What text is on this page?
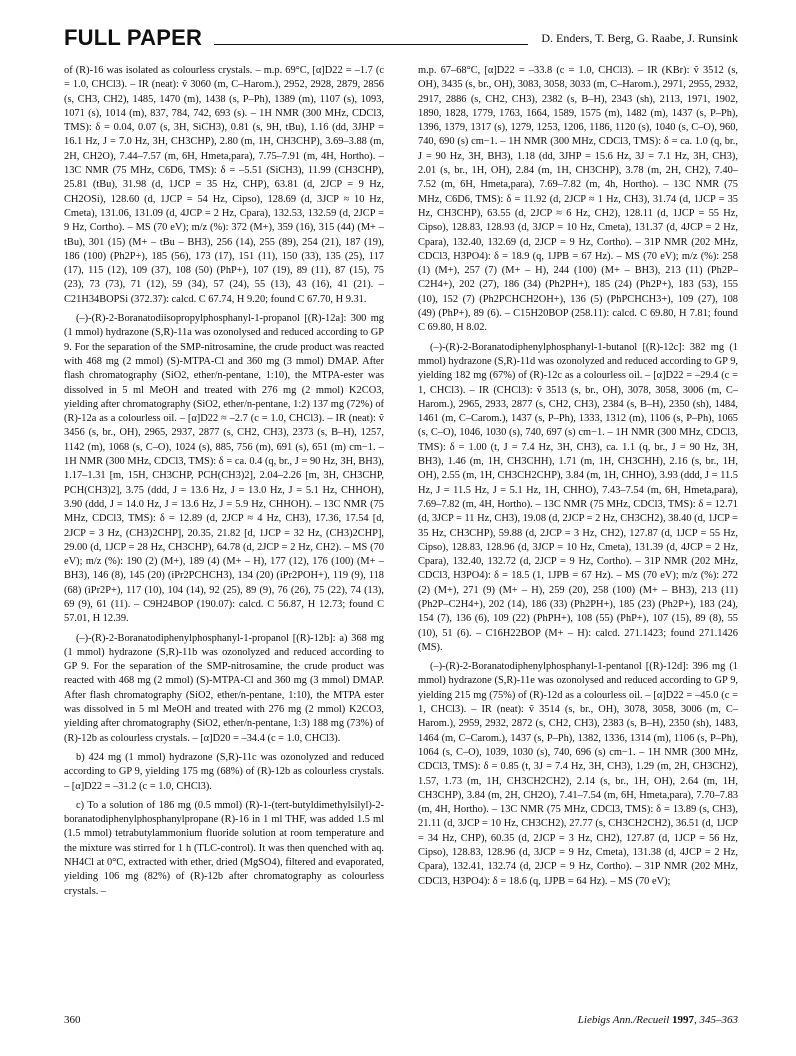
FULL PAPER	D. Enders, T. Berg, G. Raabe, J. Runsink

of (R)-16 was isolated as colourless crystals. – m.p. 69°C, [α]D22 = –1.7 (c = 1.0, CHCl3). – IR (neat): ṽ 3060 (m, C–Harom.), 2952, 2928, 2879, 2856 (s, CH3, CH2), 1485, 1470 (m), 1438 (s, P–Ph), 1389 (m), 1107 (s), 1093, 1071 (s), 1014 (m), 837, 784, 742, 693 (s). – 1H NMR (300 MHz, CDCl3, TMS): δ = 0.04, 0.07 (s, 3H, SiCH3), 0.81 (s, 9H, tBu), 1.16 (dd, 3JHP = 16.1 Hz, J = 7.0 Hz, 3H, CH3CHP), 2.80 (m, 1H, CH3CHP), 3.69–3.88 (m, 2H, CH2O), 7.44–7.57 (m, 6H, Hmeta,para), 7.75–7.91 (m, 4H, Hortho). – 13C NMR (75 MHz, C6D6, TMS): δ = –5.51 (SiCH3), 11.99 (CH3CHP), 25.81 (tBu), 31.98 (d, 1JCP = 35 Hz, CHP), 63.81 (d, 2JCP = 9 Hz, CH2OSi), 128.60 (d, 1JCP = 54 Hz, Cipso), 128.69 (d, 3JCP ≈ 10 Hz, Cmeta), 131.06, 131.09 (d, 4JCP = 2 Hz, Cpara), 132.53, 132.59 (d, 2JCP = 9 Hz, Cortho). – MS (70 eV); m/z (%): 372 (M+), 359 (16), 315 (44) (M+ – tBu), 301 (15) (M+ – tBu – BH3), 256 (14), 255 (89), 254 (21), 187 (19), 186 (100) (Ph2P+), 185 (56), 173 (17), 151 (11), 150 (33), 135 (25), 117 (17), 115 (12), 109 (37), 108 (50) (PhP+), 107 (19), 89 (11), 87 (15), 75 (23), 73 (73), 71 (12), 59 (34), 57 (24), 55 (13), 43 (16), 41 (21). – C21H34BOPSi (372.37): calcd. C 67.74, H 9.20; found C 67.70, H 9.31.

(–)-(R)-2-Boranatodiisopropylphosphanyl-1-propanol [(R)-12a]: 300 mg (1 mmol) hydrazone (S,R)-11a was ozonolysed and reduced according to GP 9. For the separation of the SMP-nitrosamine, the crude product was reacted with 468 mg (2 mmol) (S)-MTPA-Cl and 360 mg (3 mmol) DMAP. After flash chromatography (SiO2, ether/n-pentane, 1:10), the MTPA-ester was dissolved in 5 ml MeOH and treated with 276 mg (2 mmol) K2CO3, yielding after chromatography (SiO2, ether/n-pentane, 1:2) 137 mg (72%) of (R)-12a as a colourless oil. – [α]D22 ≈ –2.7 (c = 1.0, CHCl3). – IR (neat): ṽ 3456 (s, br., OH), 2965, 2937, 2877 (s, CH2, CH3), 2373 (s, B–H), 1257, 1142 (m), 1068 (s, C–O), 1024 (s), 885, 756 (m), 691 (s), 651 (m) cm−1. – 1H NMR (300 MHz, CDCl3, TMS): δ = ca. 0.4 (q, br., J = 90 Hz, 3H, BH3), 1.17–1.31 [m, 15H, CH3CHP, PCH(CH3)2], 2.04–2.26 [m, 3H, CH3CHP, PCH(CH3)2], 3.75 (ddd, J = 13.6 Hz, J = 13.0 Hz, J = 5.1 Hz, CHHOH), 3.90 (ddd, J = 14.0 Hz, J = 13.6 Hz, J = 5.9 Hz, CHHOH). – 13C NMR (75 MHz, CDCl3, TMS): δ = 12.89 (d, 2JCP ≈ 4 Hz, CH3), 17.36, 17.54 [d, 2JCP = 3 Hz, (CH3)2CHP], 20.35, 21.82 [d, 1JCP = 32 Hz, (CH3)2CHP], 29.00 (d, 1JCP = 28 Hz, CH3CHP), 64.78 (d, 2JCP = 2 Hz, CH2). – MS (70 eV); m/z (%): 190 (2) (M+), 189 (4) (M+ – H), 177 (12), 176 (100) (M+ – BH3), 146 (8), 145 (20) (iPr2PCHCH3), 134 (20) (iPr2POH+), 119 (9), 118 (68) (iPr2P+), 117 (10), 104 (14), 92 (25), 89 (9), 76 (26), 75 (22), 74 (13), 69 (9), 61 (11). – C9H24BOP (190.07): calcd. C 56.87, H 12.73; found C 57.01, H 12.39.

(–)-(R)-2-Boranatodiphenylphosphanyl-1-propanol [(R)-12b]: a) 368 mg (1 mmol) hydrazone (S,R)-11b was ozonolyzed and reduced according to GP 9. For the separation of the SMP-nitrosamine, the crude product was reacted with 468 mg (2 mmol) (S)-MTPA-Cl and 360 mg (3 mmol) DMAP. After flash chromatography (SiO2, ether/n-pentane, 1:10), the MTPA ester was dissolved in 5 ml MeOH and treated with 276 mg (2 mmol) K2CO3, yielding after chromatography (SiO2, ether/n-pentane, 1:3) 188 mg (73%) of (R)-12b as colourless crystals. – [α]D20 = –34.4 (c = 1.0, CHCl3).

b) 424 mg (1 mmol) hydrazone (S,R)-11c was ozonolyzed and reduced according to GP 9, yielding 175 mg (68%) of (R)-12b as colourless crystals. – [α]D22 = –31.2 (c = 1.0, CHCl3).

c) To a solution of 186 mg (0.5 mmol) (R)-1-(tert-butyldimethylsilyl)-2-boranatodiphenylphosphanylpropane (R)-16 in 1 ml THF, was added 1.5 ml (1.5 mmol) tetrabutylammonium fluoride solution at room temperature and the mixture was stirred for 1 h (TLC-control). It was then quenched with aq. NH4Cl at 0°C, extracted with ether, dried (MgSO4), filtered and evaporated, yielding 106 mg (82%) of (R)-12b after chromatography as colourless crystals. –

m.p. 67–68°C, [α]D22 = –33.8 (c = 1.0, CHCl3). – IR (KBr): ṽ 3512 (s, OH), 3435 (s, br., OH), 3083, 3058, 3033 (m, C–Harom.), 2971, 2955, 2932, 2917, 2886 (s, CH2, CH3), 2382 (s, B–H), 2343 (sh), 2113, 1971, 1902, 1890, 1828, 1779, 1763, 1664, 1589, 1575 (m), 1482 (m), 1437 (s, P–Ph), 1396, 1379, 1317 (s), 1279, 1253, 1206, 1186, 1120 (s), 1040 (s, C–O), 960, 740, 690 (s) cm−1. – 1H NMR (300 MHz, CDCl3, TMS): δ = ca. 1.0 (q, br., J = 90 Hz, 3H, BH3), 1.18 (dd, 3JHP = 15.6 Hz, 3J = 7.1 Hz, 3H, CH3), 2.01 (s, br., 1H, OH), 2.84 (m, 1H, CH3CHP), 3.78 (m, 2H, CH2), 7.40–7.52 (m, 6H, Hmeta,para), 7.69–7.82 (m, 4h, Hortho). – 13C NMR (75 MHz, C6D6, TMS): δ = 11.92 (d, 2JCP ≈ 1 Hz, CH3), 31.74 (d, 1JCP = 35 Hz, CH3CHP), 63.55 (d, 2JCP ≈ 6 Hz, CH2), 128.11 (d, 1JCP = 55 Hz, Cipso), 128.83, 128.93 (d, 3JCP = 10 Hz, Cmeta), 131.37 (d, 4JCP = 2 Hz, Cpara), 132.40, 132.69 (d, 2JCP = 9 Hz, Cortho). – 31P NMR (202 MHz, CDCl3, H3PO4): δ = 18.9 (q, 1JPB = 67 Hz). – MS (70 eV); m/z (%): 258 (1) (M+), 257 (7) (M+ – H), 244 (100) (M+ – BH3), 213 (11) (Ph2P–C2H4+), 202 (27), 186 (34) (Ph2PH+), 185 (24) (Ph2P+), 183 (53), 155 (10), 152 (7) (Ph2PCHCH2OH+), 136 (5) (PhPCHCH3+), 109 (27), 108 (49) (PhP+), 89 (6). – C15H20BOP (258.11): calcd. C 69.80, H 7.81; found C 69.80, H 8.02.

(–)-(R)-2-Boranatodiphenylphosphanyl-1-butanol [(R)-12c]: 382 mg (1 mmol) hydrazone (S,R)-11d was ozonolyzed and reduced according to GP 9, yielding 182 mg (67%) of (R)-12c as a colourless oil. – [α]D22 = –29.4 (c = 1, CHCl3). – IR (CHCl3): ṽ 3513 (s, br., OH), 3078, 3058, 3006 (m, C–Harom.), 2965, 2933, 2877 (s, CH2, CH3), 2384 (s, B–H), 2350 (sh), 1484, 1461 (m, C–Carom.), 1437 (s, P–Ph), 1333, 1312 (m), 1106 (s, P–Ph), 1065 (s, C–O), 1046, 1030 (s), 740, 697 (s) cm−1. – 1H NMR (300 MHz, CDCl3, TMS): δ = 1.00 (t, J = 7.4 Hz, 3H, CH3), ca. 1.1 (q, br., J = 90 Hz, 3H, BH3), 1.46 (m, 1H, CH3CHH), 1.71 (m, 1H, CH3CHH), 2.16 (s, br., 1H, OH), 2.55 (m, 1H, CH3CH2CHP), 3.84 (m, 1H, CHHO), 3.93 (ddd, J = 11.5 Hz, J = 11.5 Hz, J = 5.1 Hz, 1H, CHHO), 7.43–7.54 (m, 6H, Hmeta,para), 7.69–7.82 (m, 4H, Hortho). – 13C NMR (75 MHz, CDCl3, TMS): δ = 12.71 (d, 3JCP = 11 Hz, CH3), 19.08 (d, 2JCP = 2 Hz, CH3CH2), 38.40 (d, 1JCP = 35 Hz, CH3CHP), 59.88 (d, 2JCP = 3 Hz, CH2), 127.87 (d, 1JCP = 55 Hz, Cipso), 128.83, 128.96 (d, 3JCP = 10 Hz, Cmeta), 131.39 (d, 4JCP = 2 Hz, Cpara), 132.40, 132.72 (d, 2JCP = 9 Hz, Cortho). – 31P NMR (202 MHz, CDCl3, H3PO4): δ = 18.5 (1, 1JPB = 67 Hz). – MS (70 eV); m/z (%): 272 (2) (M+), 271 (9) (M+ – H), 259 (20), 258 (100) (M+ – BH3), 213 (11) (Ph2P–C2H4+), 202 (14), 186 (33) (Ph2PH+), 185 (23) (Ph2P+), 183 (24), 154 (7), 136 (6), 109 (22) (PhPH+), 108 (55) (PhP+), 107 (15), 89 (8), 55 (10), 51 (6). – C16H22BOP (M+ – H): calcd. 271.1423; found 271.1426 (MS).

(–)-(R)-2-Boranatodiphenylphosphanyl-1-pentanol [(R)-12d]: 396 mg (1 mmol) hydrazone (S,R)-11e was ozonolysed and reduced according to GP 9, yielding 215 mg (75%) of (R)-12d as a colourless oil. – [α]D22 = –45.0 (c = 1, CHCl3). – IR (neat): ṽ 3514 (s, br., OH), 3078, 3058, 3006 (m, C–Harom.), 2959, 2932, 2872 (s, CH2, CH3), 2383 (s, B–H), 2350 (sh), 1483, 1464 (m, C–Carom.), 1437 (s, P–Ph), 1382, 1336, 1314 (m), 1106 (s, P–Ph), 1064 (s, C–O), 1039, 1030 (s), 740, 696 (s) cm−1. – 1H NMR (300 MHz, CDCl3, TMS): δ = 0.85 (t, 3J = 7.4 Hz, 3H, CH3), 1.29 (m, 2H, CH3CH2), 1.57, 1.73 (m, 1H, CH3CH2CH2), 2.14 (s, br., 1H, OH), 2.64 (m, 1H, CH3CHP), 3.84 (m, 2H, CH2O), 7.41–7.54 (m, 6H, Hmeta,para), 7.70–7.83 (m, 4H, Hortho). – 13C NMR (75 MHz, CDCl3, TMS): δ = 13.89 (s, CH3), 21.11 (d, 3JCP = 10 Hz, CH3CH2), 27.77 (s, CH3CH2CH2), 36.51 (d, 1JCP = 34 Hz, CHP), 60.35 (d, 2JCP = 3 Hz, CH2), 127.87 (d, 1JCP = 56 Hz, Cipso), 128.83, 128.96 (d, 3JCP = 9 Hz, Cmeta), 131.38 (d, 4JCP = 2 Hz, Cpara), 132.41, 132.74 (d, 2JCP = 9 Hz, Cortho). – 31P NMR (202 MHz, CDCl3, H3PO4): δ = 18.6 (q, 1JPB = 64 Hz). – MS (70 eV);

360	Liebigs Ann./Recueil 1997, 345–363
